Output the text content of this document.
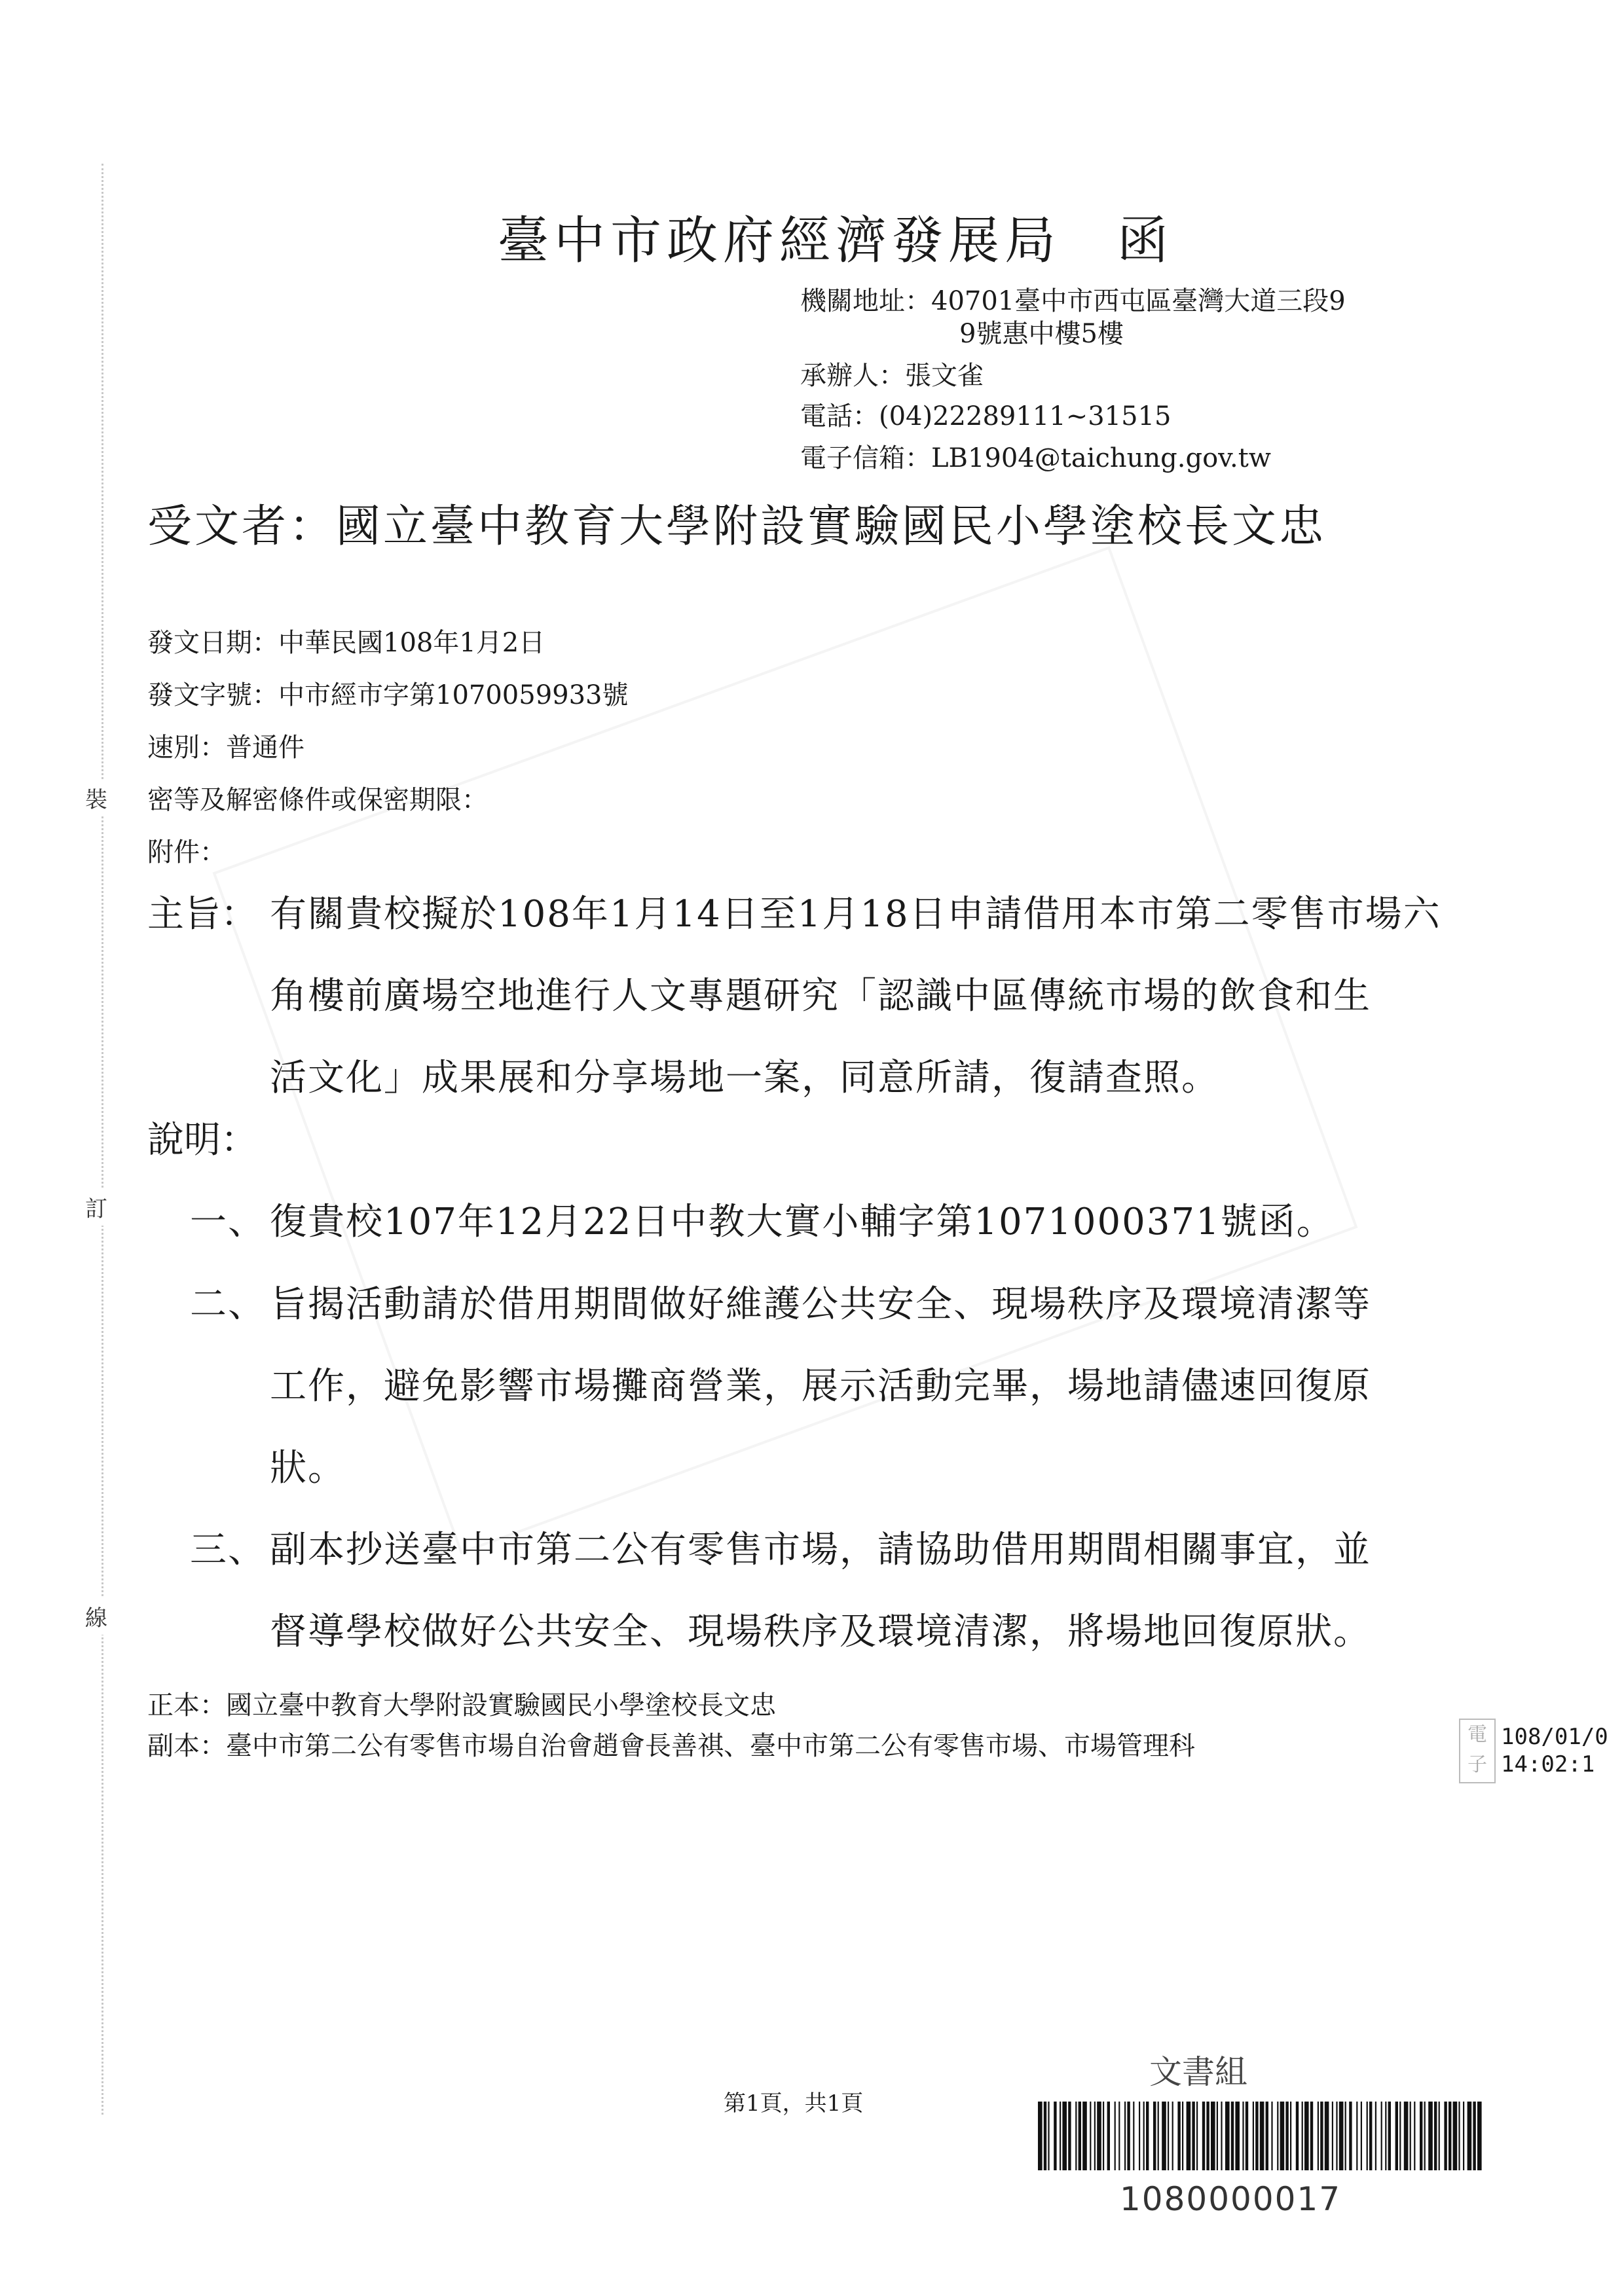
裝
訂
線
臺中市政府經濟發展局　函
機關地址：40701臺中市西屯區臺灣大道三段9
9號惠中樓5樓
承辦人：張文雀
電話：(04)22289111~31515
電子信箱：LB1904@taichung.gov.tw
受文者：國立臺中教育大學附設實驗國民小學塗校長文忠
發文日期：中華民國108年1月2日
發文字號：中市經市字第1070059933號
速別：普通件
密等及解密條件或保密期限：
附件：
主旨： 有關貴校擬於108年1月14日至1月18日申請借用本市第二零售市場六
角樓前廣場空地進行人文專題研究「認識中區傳統市場的飲食和生
活文化」成果展和分享場地一案，同意所請，復請查照。
說明：
一、 復貴校107年12月22日中教大實小輔字第1071000371號函。
二、 旨揭活動請於借用期間做好維護公共安全、現場秩序及環境清潔等
工作，避免影響市場攤商營業，展示活動完畢，場地請儘速回復原
狀。
三、 副本抄送臺中市第二公有零售市場，請協助借用期間相關事宜，並
督導學校做好公共安全、現場秩序及環境清潔，將場地回復原狀。
正本：國立臺中教育大學附設實驗國民小學塗校長文忠
副本：臺中市第二公有零售市場自治會趙會長善祺、臺中市第二公有零售市場、市場管理科	電子
108/01/0
14:02:1
第1頁，共1頁
文書組
1080000017
